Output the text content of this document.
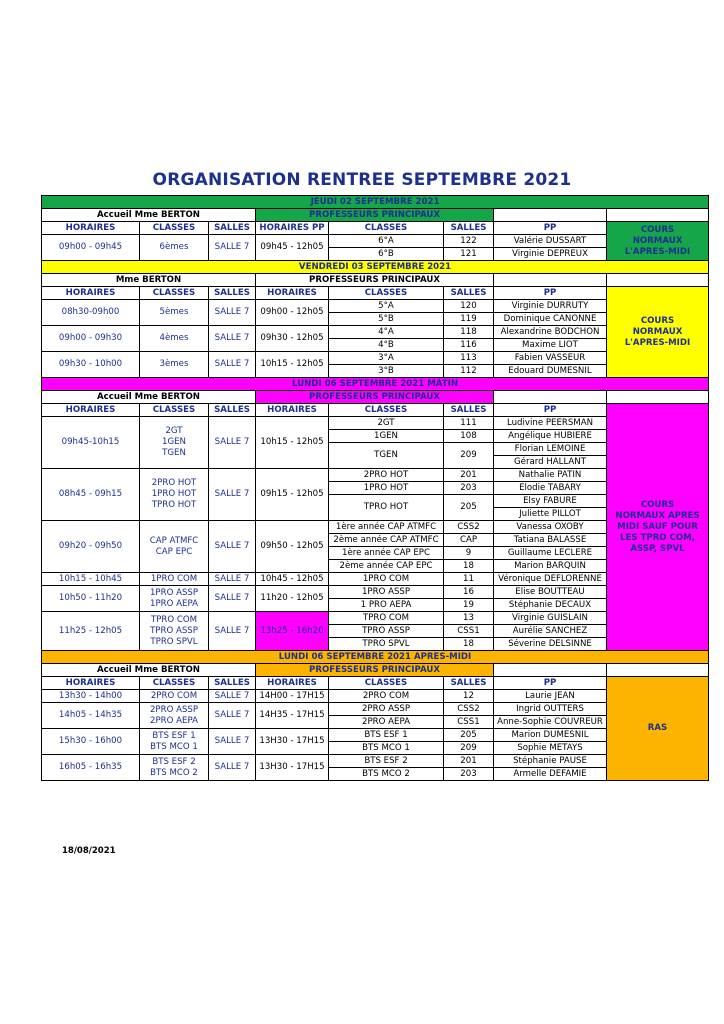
ORGANISATION RENTREE SEPTEMBRE 2021
JEUDI 02 SEPTEMBRE 2021							
Accueil Mme BERTON			PROFESSEURS PRINCIPAUX				
HORAIRES	CLASSES	SALLES	HORAIRES PP	CLASSES	SALLES	PP	COURS
NORMAUX
L'APRES-MIDI

09h00 - 09h45	6èmes	SALLE 7	09h45 - 12h05	6°A	122	Valérie DUSSART	
				6°B	121	Virginie DEPREUX	
VENDREDI 03 SEPTEMBRE 2021							
Mme BERTON			PROFESSEURS PRINCIPAUX				
HORAIRES	CLASSES	SALLES	HORAIRES	CLASSES	SALLES	PP	COURS
NORMAUX
L'APRES-MIDI

08h30-09h00	5èmes	SALLE 7	09h00 - 12h05	5°A	120	Virginie DURRUTY	
				5°B	119	Dominique CANONNE	
09h00 - 09h30	4èmes	SALLE 7	09h30 - 12h05	4°A	118	Alexandrine BODCHON	
				4°B	116	Maxime LIOT	
09h30 - 10h00	3èmes	SALLE 7	10h15 - 12h05	3°A	113	Fabien VASSEUR	
				3°B	112	Edouard DUMESNIL	
LUNDI 06 SEPTEMBRE 2021 MATIN							
Accueil Mme BERTON			PROFESSEURS PRINCIPAUX				
HORAIRES	CLASSES	SALLES	HORAIRES	CLASSES	SALLES	PP	COURS
NORMAUX APRES
MIDI SAUF POUR
LES TPRO COM,
ASSP, SPVL

09h45-10h15	2GT
1GEN
TGEN	SALLE 7	10h15 - 12h05	2GT	111	Ludivine PEERSMAN	
				1GEN	108	Angélique HUBIERE	
				TGEN	209	Florian LEMOINE	
						Gérard HALLANT	
08h45 - 09h15	2PRO HOT
1PRO HOT
TPRO HOT	SALLE 7	09h15 - 12h05	2PRO HOT	201	Nathalie PATIN	
				1PRO HOT	203	Elodie TABARY	
				TPRO HOT	205	Elsy FABURE	
						Juliette PILLOT	
09h20 - 09h50	CAP ATMFC
CAP EPC	SALLE 7	09h50 - 12h05	1ère année CAP ATMFC	CSS2	Vanessa OXOBY	
				2ème année CAP ATMFC	CAP	Tatiana BALASSE	
				1ère année CAP EPC	9	Guillaume LECLERE	
				2ème année CAP EPC	18	Marion BARQUIN	
10h15 - 10h45	1PRO COM	SALLE 7	10h45 - 12h05	1PRO COM	11	Véronique DEFLORENNE	
10h50 - 11h20	1PRO ASSP
1PRO AEPA	SALLE 7	11h20 - 12h05	1PRO ASSP	16	Elise BOUTTEAU	
				1 PRO AEPA	19	Stéphanie DECAUX	
11h25 - 12h05	TPRO COM
TPRO ASSP
TPRO SPVL	SALLE 7	13h25 - 16h20	TPRO COM	13	Virginie GUISLAIN	
				TPRO ASSP	CSS1	Aurélie SANCHEZ	
				TPRO SPVL	18	Séverine DELSINNE	
LUNDI 06 SEPTEMBRE 2021 APRES-MIDI							
Accueil Mme BERTON			PROFESSEURS PRINCIPAUX				
HORAIRES	CLASSES	SALLES	HORAIRES	CLASSES	SALLES	PP	RAS
13h30 - 14h00	2PRO COM	SALLE 7	14H00 - 17H15	2PRO COM	12	Laurie JEAN	
14h05 - 14h35	2PRO ASSP
2PRO AEPA	SALLE 7	14H35 - 17H15	2PRO ASSP	CSS2	Ingrid OUTTERS	
				2PRO AEPA	CSS1	Anne-Sophie COUVREUR	
15h30 - 16h00	BTS ESF 1
BTS MCO 1	SALLE 7	13H30 - 17H15	BTS ESF 1	205	Marion DUMESNIL	
				BTS MCO 1	209	Sophie METAYS	
16h05 - 16h35	BTS ESF 2
BTS MCO 2	SALLE 7	13H30 - 17H15	BTS ESF 2	201	Stéphanie PAUSE	
				BTS MCO 2	203	Armelle DEFAMIE	
18/08/2021
